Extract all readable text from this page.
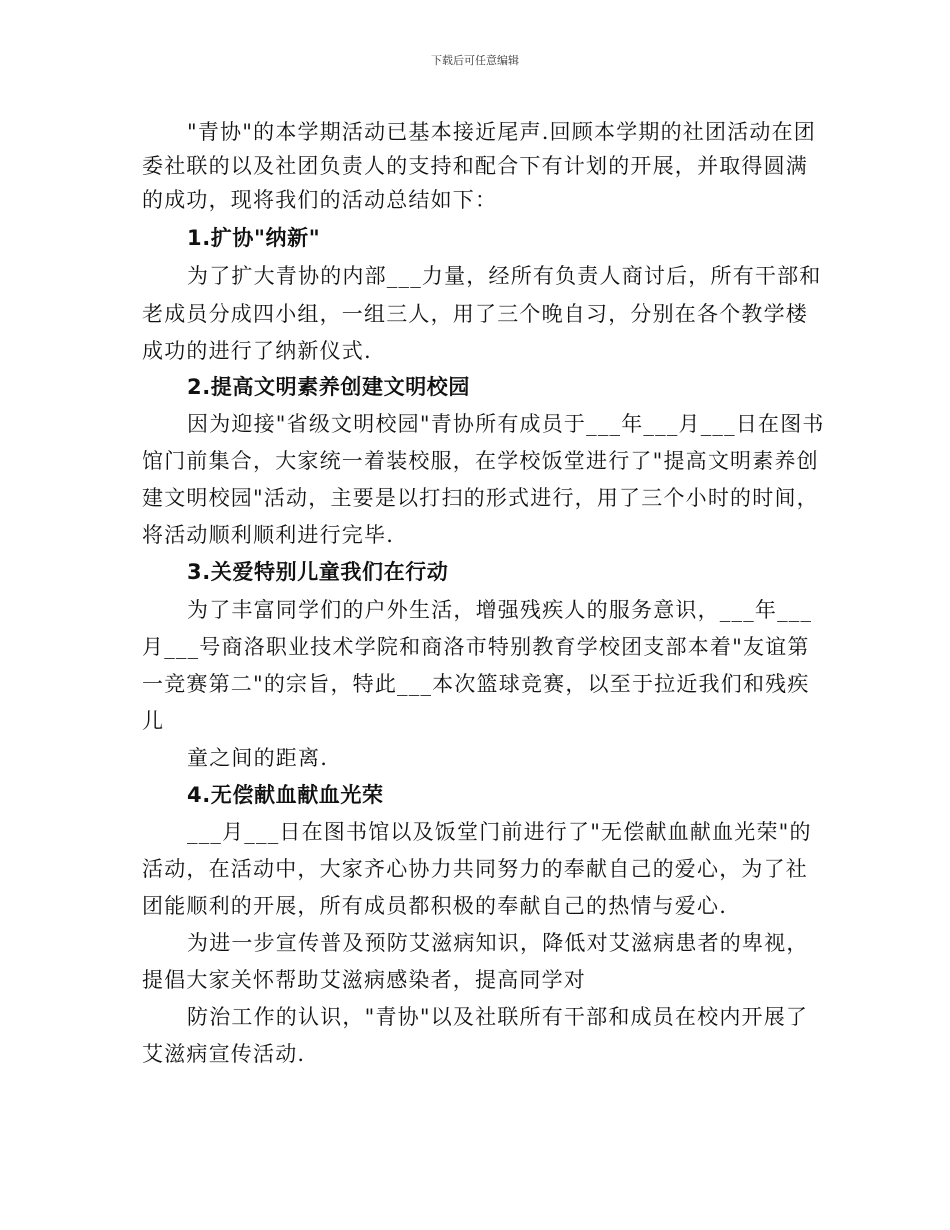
下载后可任意编辑
"青协"的本学期活动已基本接近尾声.回顾本学期的社团活动在团
委社联的以及社团负责人的支持和配合下有计划的开展，并取得圆满
的成功，现将我们的活动总结如下：
1.扩协"纳新"
为了扩大青协的内部___力量，经所有负责人商讨后，所有干部和
老成员分成四小组，一组三人，用了三个晚自习，分别在各个教学楼
成功的进行了纳新仪式.
2.提高文明素养创建文明校园
因为迎接"省级文明校园"青协所有成员于___年___月___日在图书
馆门前集合，大家统一着装校服，在学校饭堂进行了"提高文明素养创
建文明校园"活动，主要是以打扫的形式进行，用了三个小时的时间，
将活动顺利顺利进行完毕.
3.关爱特别儿童我们在行动
为了丰富同学们的户外生活，增强残疾人的服务意识，___年___
月___号商洛职业技术学院和商洛市特别教育学校团支部本着"友谊第
一竞赛第二"的宗旨，特此___本次篮球竞赛，以至于拉近我们和残疾
儿
童之间的距离.
4.无偿献血献血光荣
___月___日在图书馆以及饭堂门前进行了"无偿献血献血光荣"的
活动，在活动中，大家齐心协力共同努力的奉献自己的爱心，为了社
团能顺利的开展，所有成员都积极的奉献自己的热情与爱心.
为进一步宣传普及预防艾滋病知识，降低对艾滋病患者的卑视，
提倡大家关怀帮助艾滋病感染者，提高同学对
防治工作的认识，"青协"以及社联所有干部和成员在校内开展了
艾滋病宣传活动.
